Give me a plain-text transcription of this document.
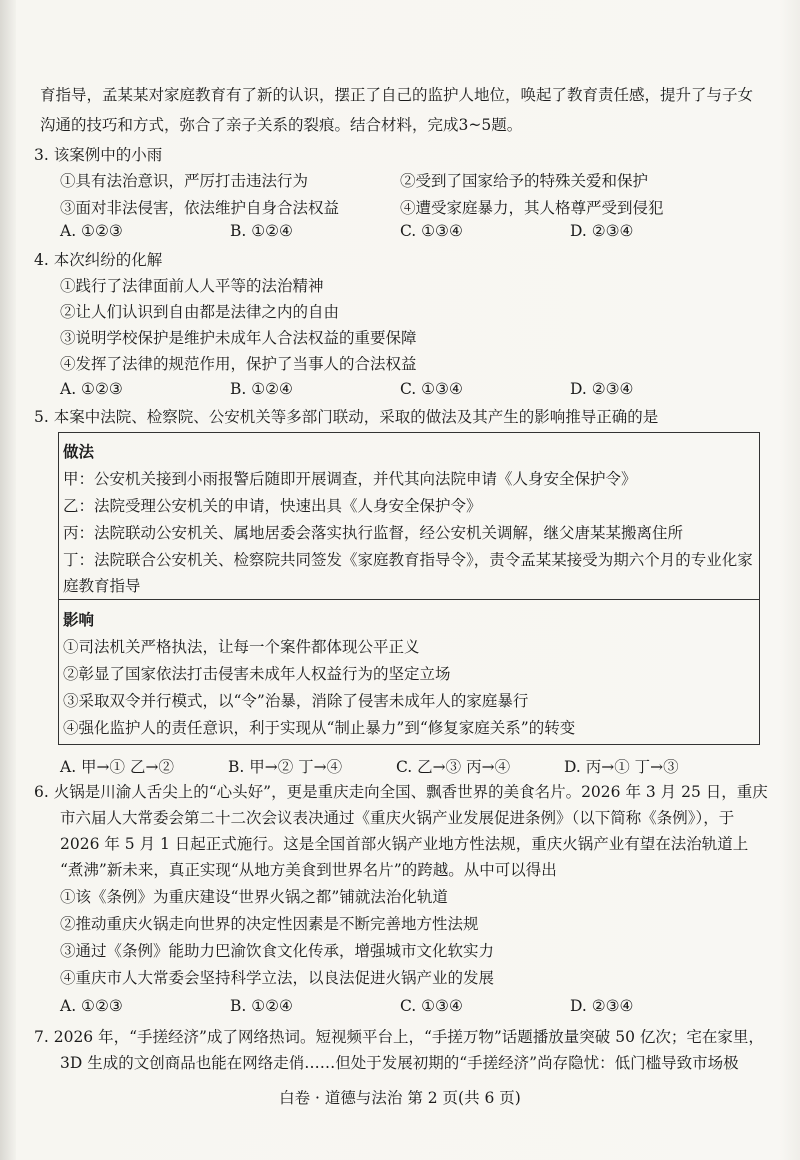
育指导，孟某某对家庭教育有了新的认识，摆正了自己的监护人地位，唤起了教育责任感，提升了与子女
沟通的技巧和方式，弥合了亲子关系的裂痕。结合材料，完成3~5题。
3. 该案例中的小雨
①具有法治意识，严厉打击违法行为	②受到了国家给予的特殊关爱和保护
③面对非法侵害，依法维护自身合法权益	④遭受家庭暴力，其人格尊严受到侵犯
A. ①②③	B. ①②④	C. ①③④	D. ②③④
4. 本次纠纷的化解
①践行了法律面前人人平等的法治精神
②让人们认识到自由都是法律之内的自由
③说明学校保护是维护未成年人合法权益的重要保障
④发挥了法律的规范作用，保护了当事人的合法权益
A. ①②③	B. ①②④	C. ①③④	D. ②③④
5. 本案中法院、检察院、公安机关等多部门联动，采取的做法及其产生的影响推导正确的是
做法
甲：公安机关接到小雨报警后随即开展调查，并代其向法院申请《人身安全保护令》
乙：法院受理公安机关的申请，快速出具《人身安全保护令》
丙：法院联动公安机关、属地居委会落实执行监督，经公安机关调解，继父唐某某搬离住所
丁：法院联合公安机关、检察院共同签发《家庭教育指导令》，责令孟某某接受为期六个月的专业化家
庭教育指导
影响
①司法机关严格执法，让每一个案件都体现公平正义
②彰显了国家依法打击侵害未成年人权益行为的坚定立场
③采取双令并行模式，以“令”治暴，消除了侵害未成年人的家庭暴行
④强化监护人的责任意识，利于实现从“制止暴力”到“修复家庭关系”的转变
A. 甲→① 乙→②	B. 甲→② 丁→④	C. 乙→③ 丙→④	D. 丙→① 丁→③
6. 火锅是川渝人舌尖上的“心头好”，更是重庆走向全国、飘香世界的美食名片。2026 年 3 月 25 日，重庆
市六届人大常委会第二十二次会议表决通过《重庆火锅产业发展促进条例》（以下简称《条例》），于
2026 年 5 月 1 日起正式施行。这是全国首部火锅产业地方性法规，重庆火锅产业有望在法治轨道上
“煮沸”新未来，真正实现“从地方美食到世界名片”的跨越。从中可以得出
①该《条例》为重庆建设“世界火锅之都”铺就法治化轨道
②推动重庆火锅走向世界的决定性因素是不断完善地方性法规
③通过《条例》能助力巴渝饮食文化传承，增强城市文化软实力
④重庆市人大常委会坚持科学立法，以良法促进火锅产业的发展
A. ①②③	B. ①②④	C. ①③④	D. ②③④
7. 2026 年，“手搓经济”成了网络热词。短视频平台上，“手搓万物”话题播放量突破 50 亿次；宅在家里，
3D 生成的文创商品也能在网络走俏……但处于发展初期的“手搓经济”尚存隐忧：低门槛导致市场极
白卷 · 道德与法治 第 2 页(共 6 页)
